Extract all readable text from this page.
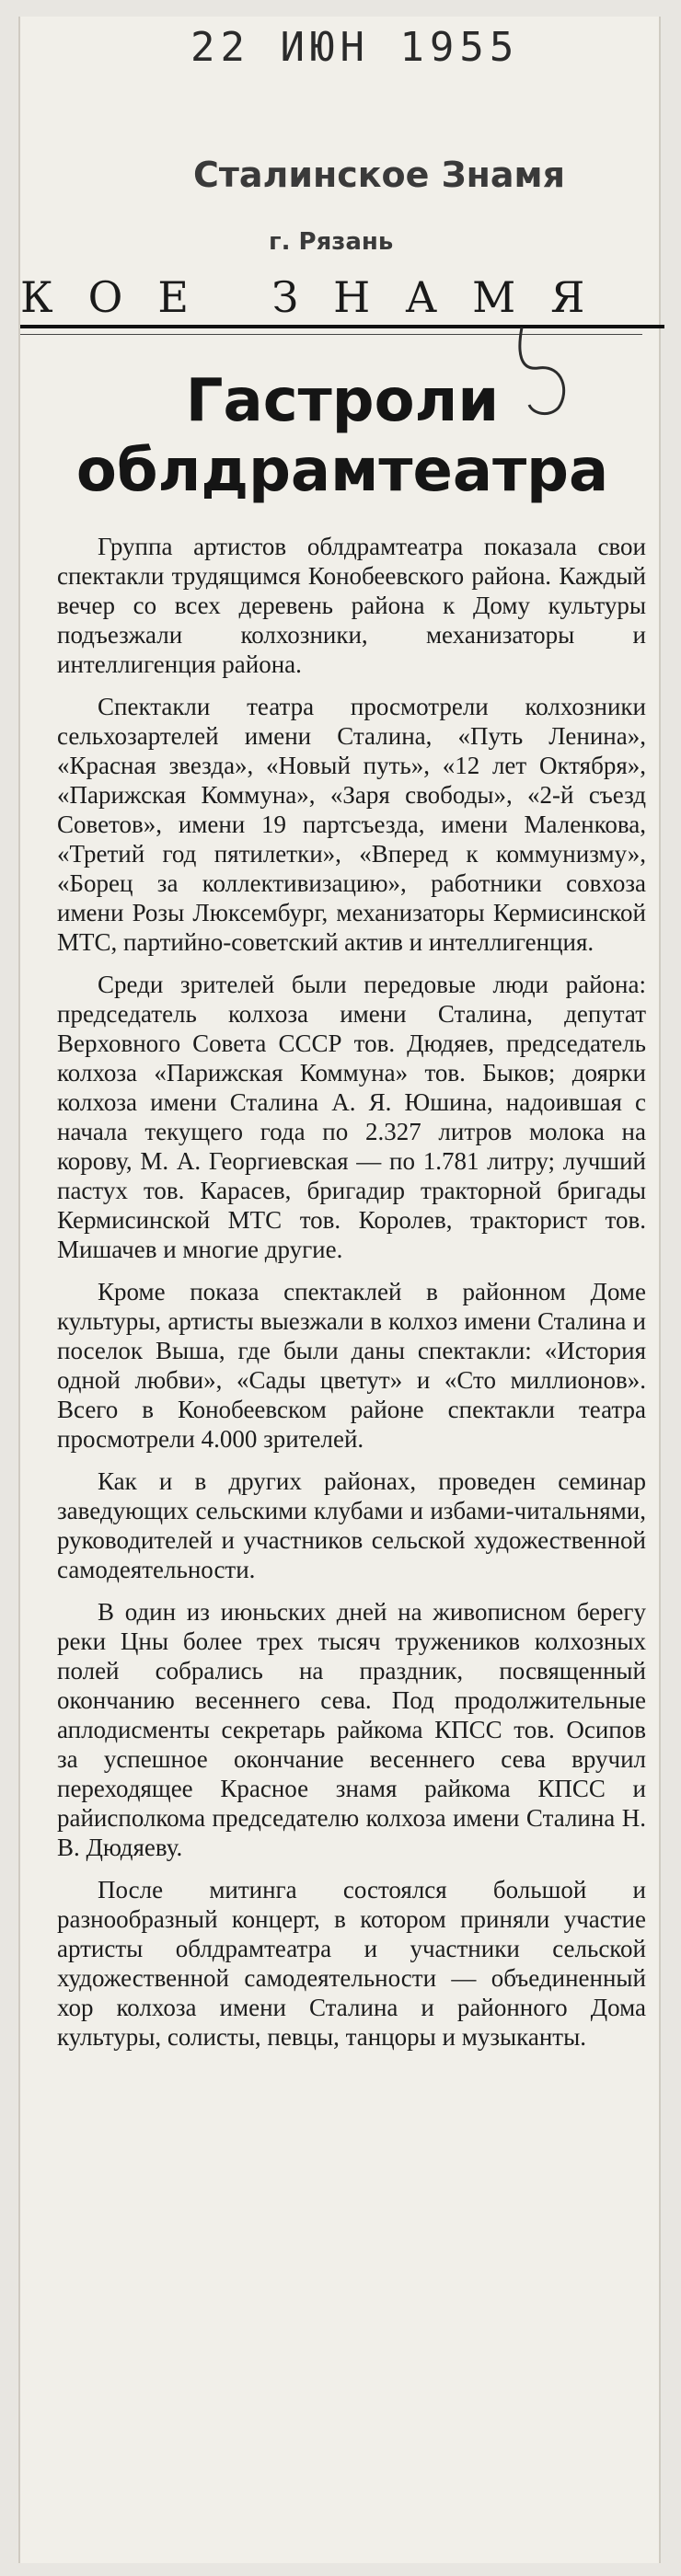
22 ИЮН 1955
Сталинское Знамя
г. Рязань
КОЕ ЗНАМЯ
Гастроли
облдрамтеатра

Группа артистов облдрамтеатра показала свои спектакли трудящимся Конобеевского района. Каждый вечер со всех деревень района к Дому культуры подъезжали колхозники, механизаторы и интеллигенция района.

Спектакли театра просмотрели колхозники сельхозартелей имени Сталина, «Путь Ленина», «Красная звезда», «Новый путь», «12 лет Октября», «Парижская Коммуна», «Заря свободы», «2-й съезд Советов», имени 19 партсъезда, имени Маленкова, «Третий год пятилетки», «Вперед к коммунизму», «Борец за коллективизацию», работники совхоза имени Розы Люксембург, механизаторы Кермисинской МТС, партийно-советский актив и интеллигенция.

Среди зрителей были передовые люди района: председатель колхоза имени Сталина, депутат Верховного Совета СССР тов. Дюдяев, председатель колхоза «Парижская Коммуна» тов. Быков; доярки колхоза имени Сталина А. Я. Юшина, надоившая с начала текущего года по 2.327 литров молока на корову, М. А. Георгиевская — по 1.781 литру; лучший пастух тов. Карасев, бригадир тракторной бригады Кермисинской МТС тов. Королев, тракторист тов. Мишачев и многие другие.

Кроме показа спектаклей в районном Доме культуры, артисты выезжали в колхоз имени Сталина и поселок Выша, где были даны спектакли: «История одной любви», «Сады цветут» и «Сто миллионов». Всего в Конобеевском районе спектакли театра просмотрели 4.000 зрителей.

Как и в других районах, проведен семинар заведующих сельскими клубами и избами-читальнями, руководителей и участников сельской художественной самодеятельности.

В один из июньских дней на живописном берегу реки Цны более трех тысяч тружеников колхозных полей собрались на праздник, посвященный окончанию весеннего сева. Под продолжительные аплодисменты секретарь райкома КПСС тов. Осипов за успешное окончание весеннего сева вручил переходящее Красное знамя райкома КПСС и райисполкома председателю колхоза имени Сталина Н. В. Дюдяеву.

После митинга состоялся большой и разнообразный концерт, в котором приняли участие артисты облдрамтеатра и участники сельской художественной самодеятельности — объединенный хор колхоза имени Сталина и районного Дома культуры, солисты, певцы, танцоры и музыканты.
